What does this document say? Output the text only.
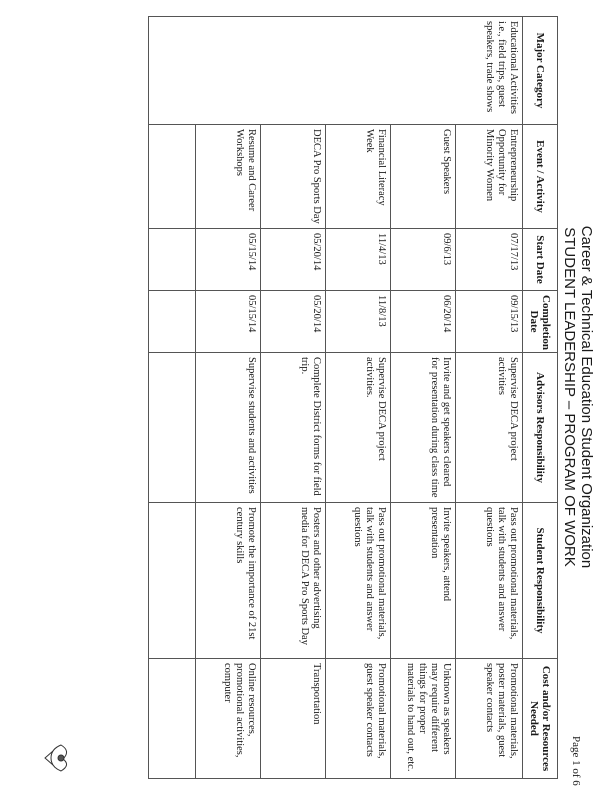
Career & Technical Education Student Organization
STUDENT LEADERSHIP – PROGRAM OF WORK
Major Category	Event / Activity	Start Date	Completion Date	Advisors Responsibility	Student Responsibility	Cost and/or Resources Needed
Educational Activities i.e., field trips, guest speakers, trade shows	Entrepreneurship Opportunity for Minority Women	07/17/13	09/15/13	Supervise DECA project activities	Pass out promotional materials, talk with students and answer questions	Promotional materials, poster materials, guest speaker contacts
	Guest Speakers	09/6/13	06/20/14	Invite and get speakers cleared for presentation during class time	Invite speakers, attend presentation	Unknown as speakers may require different things for proper materials to hand out, etc.
	Financial Literacy Week	11/4/13	11/8/13	Supervise DECA project activities.	Pass out promotional materials, talk with students and answer questions	Promotional materials, guest speaker contacts
	DECA Pro Sports Day	05/20/14	05/20/14	Complete District forms for field trip.	Posters and other advertising media for DECA Pro Sports Day	Transportation
	Resume and Career Workshops	05/15/14	05/15/14	Supervise students and activities	Promote the importance of 21st century skills	Online resources, promotional activities, computer

Page 1 of 6
